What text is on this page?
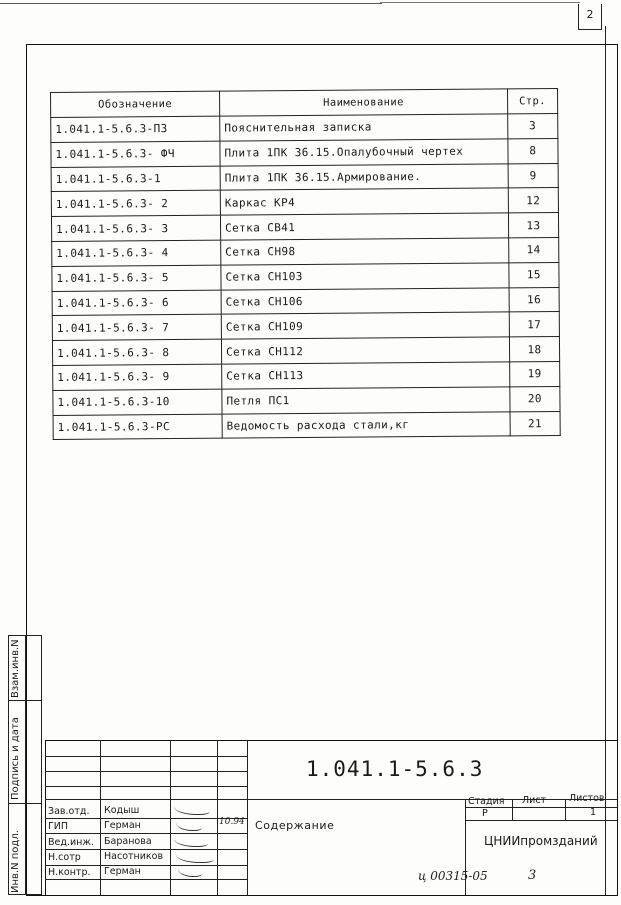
2
Обозначение	Наименование	Стр.
1.041.1-5.6.3-ПЗ	Пояснительная записка	3
1.041.1-5.6.3- ФЧ	Плита 1ПК 36.15.Опалубочный чертех	8
1.041.1-5.6.3-1	Плита 1ПК 36.15.Армирование.	9
1.041.1-5.6.3- 2	Каркас КР4	12
1.041.1-5.6.3- 3	Сетка СВ41	13
1.041.1-5.6.3- 4	Сетка СН98	14
1.041.1-5.6.3- 5	Сетка СН103	15
1.041.1-5.6.3- 6	Сетка СН106	16
1.041.1-5.6.3- 7	Сетка СН109	17
1.041.1-5.6.3- 8	Сетка СН112	18
1.041.1-5.6.3- 9	Сетка СН113	19
1.041.1-5.6.3-10	Петля ПС1	20
1.041.1-5.6.3-РС	Ведомость расхода стали,кг	21
Инв.N подл.
Подпись и дата
Взам.инв.N
1.041.1-5.6.3
Содержание
ЦНИИпромзданий
Стадия Лист Листов
Р	1
Зав.отд. Кодыш
ГИП	Герман
Вед.инж. Баранова
Н.сотр Насотников
Н.контр. Герман
10.94
ц 00315-05	3
